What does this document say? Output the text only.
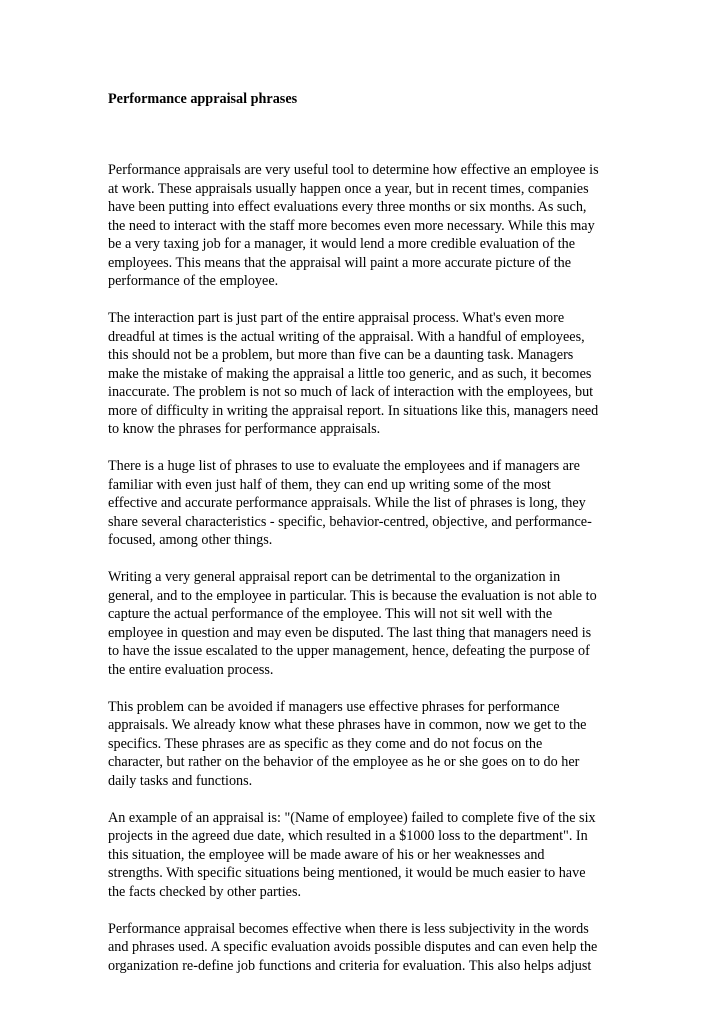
Performance appraisal phrases
Performance appraisals are very useful tool to determine how effective an employee is
at work. These appraisals usually happen once a year, but in recent times, companies
have been putting into effect evaluations every three months or six months. As such,
the need to interact with the staff more becomes even more necessary. While this may
be a very taxing job for a manager, it would lend a more credible evaluation of the
employees. This means that the appraisal will paint a more accurate picture of the
performance of the employee.
The interaction part is just part of the entire appraisal process. What's even more
dreadful at times is the actual writing of the appraisal. With a handful of employees,
this should not be a problem, but more than five can be a daunting task. Managers
make the mistake of making the appraisal a little too generic, and as such, it becomes
inaccurate. The problem is not so much of lack of interaction with the employees, but
more of difficulty in writing the appraisal report. In situations like this, managers need
to know the phrases for performance appraisals.
There is a huge list of phrases to use to evaluate the employees and if managers are
familiar with even just half of them, they can end up writing some of the most
effective and accurate performance appraisals. While the list of phrases is long, they
share several characteristics - specific, behavior-centred, objective, and performance-
focused, among other things.
Writing a very general appraisal report can be detrimental to the organization in
general, and to the employee in particular. This is because the evaluation is not able to
capture the actual performance of the employee. This will not sit well with the
employee in question and may even be disputed. The last thing that managers need is
to have the issue escalated to the upper management, hence, defeating the purpose of
the entire evaluation process.
This problem can be avoided if managers use effective phrases for performance
appraisals. We already know what these phrases have in common, now we get to the
specifics. These phrases are as specific as they come and do not focus on the
character, but rather on the behavior of the employee as he or she goes on to do her
daily tasks and functions.
An example of an appraisal is: "(Name of employee) failed to complete five of the six
projects in the agreed due date, which resulted in a $1000 loss to the department". In
this situation, the employee will be made aware of his or her weaknesses and
strengths. With specific situations being mentioned, it would be much easier to have
the facts checked by other parties.
Performance appraisal becomes effective when there is less subjectivity in the words
and phrases used. A specific evaluation avoids possible disputes and can even help the
organization re-define job functions and criteria for evaluation. This also helps adjust
